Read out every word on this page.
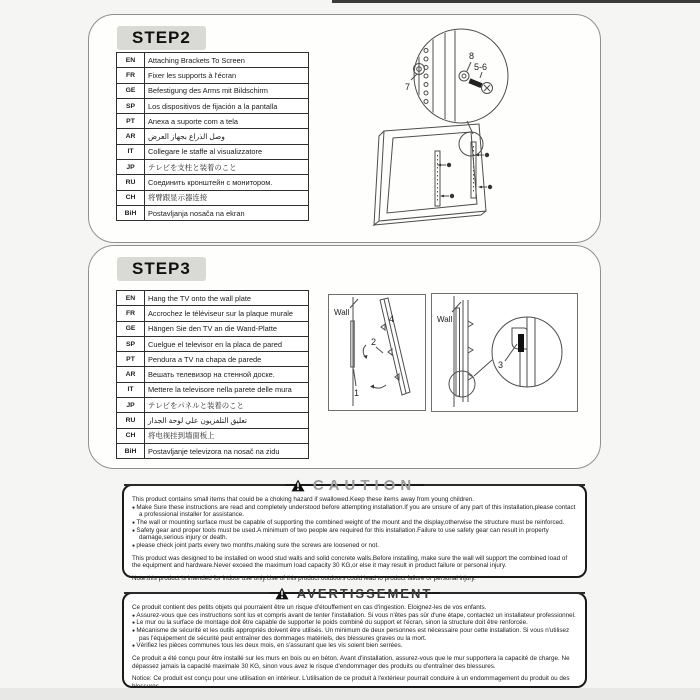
STEP2
EN	Attaching Brackets To Screen
FR	Fixer les supports à l'écran
GE	Befestigung des Arms mit Bildschirm
SP	Los dispositivos de fijación a la pantalla
PT	Anexa a suporte com a tela
AR	وصل الذراع بجهاز العرض
IT	Collegare le staffe al visualizzatore
JP	テレビを支柱と装着のこと
RU	Соединить кронштейн с монитором.
CH	将臂跟显示器连接
BiH	Postavljanja nosača na ekran
7
8
5-6
STEP3
EN	Hang the TV onto the wall plate
FR	Accrochez le téléviseur sur la plaque murale
GE	Hängen Sie den TV an die Wand-Platte
SP	Cuelgue el televisor en la placa de pared
PT	Pendura a TV na chapa de parede
AR	Вешать телевизор на стенной доске.
IT	Mettere la televisore nella parete delle mura
JP	テレビをパネルと装着のこと
RU	تعليق التلفزيون علي لوحة الجدار
CH	将电视挂到墙面板上
BiH	Postavljanje televizora na nosač na zidu
Wall
1
2
4	Wall
3
CAUTION

This product contains small items that could be a choking hazard if swallowed.Keep these items away from young children.

● Make Sure these instructions are read and completely understood before attempting installation.If you are unsure of any part of this installation,please contact a professional installer for assistance.
● The wall or mounting surface must be capable of supporting the combined weight of the mount and the display,otherwise the structure must be reinforced.
● Safety gear and proper tools must be used.A minimum of two people are required for this installation.Failure to use safety gear can result in property damage,serious injury or death.
● please check joint parts every two months,making sure the screws are loosened or not.

This product was designed to be installed on wood stud walls and solid concrete walls.Before installing, make sure the wall will support the combined load of the equipment and hardware.Never exceed the maximum load capacity 30 KG,or else it may result in product failure or personal injury.

Note:this product is intended for indoor use only.Use of this product outdoors could lead to product failure or personal injury.

AVERTISSEMENT

Ce produit contient des petits objets qui pourraient être un risque d'étouffement en cas d'ingestion. Eloignez-les de vos enfants.

● Assurez-vous que ces instructions sont lus et compris avant de tenter l'installation. Si vous n'êtes pas sûr d'une étape, contactez un installateur professionnel.
● Le mur ou la surface de montage doit être capable de supporter le poids combiné du support et l'écran, sinon la structure doit être renforcée.
● Mécanisme de sécurité et les outils appropriés doivent être utilisés. Un minimum de deux personnes est nécessaire pour cette installation. Si vous n'utilisez pas l'équipement de sécurité peut entraîner des dommages matériels, des blessures graves ou la mort.
● Vérifiez les pièces communes tous les deux mois, en s'assurant que les vis soient bien serrées.

Ce produit a été conçu pour être installé sur les murs en bois ou en béton. Avant d'installation, assurez-vous que le mur supportera la capacité de charge. Ne dépassez jamais la capacité maximale 30 KG, sinon vous avez le risque d'endommager des produits ou d'entraîner des blessures.

Notice: Ce produit est conçu pour une utilisation en intérieur. L'utilisation de ce produit à l'extérieur pourrait conduire à un endommagement du produit ou des blessures.
